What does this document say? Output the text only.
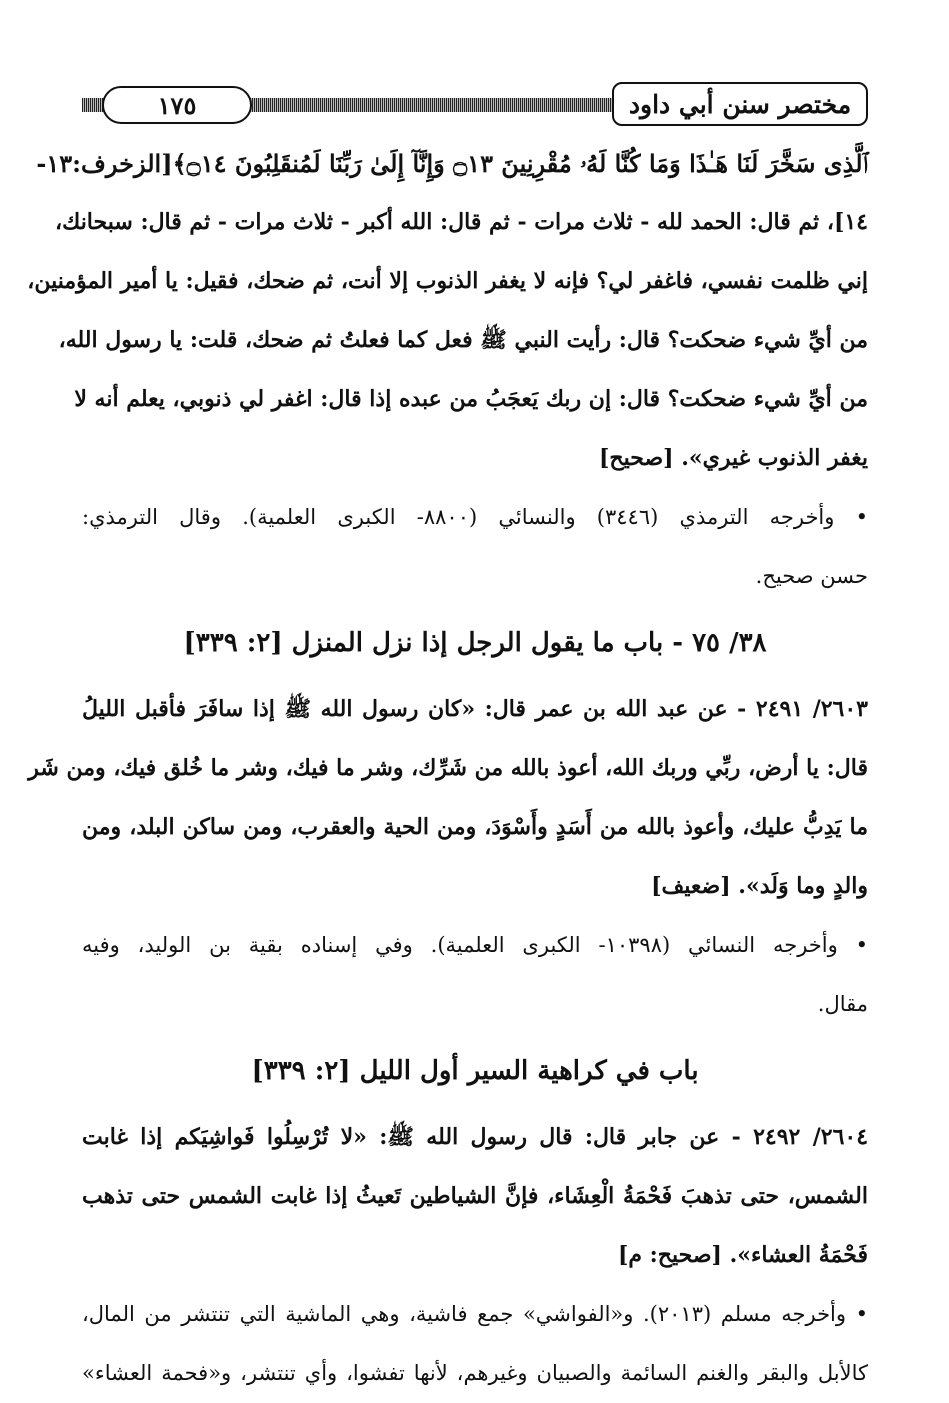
١٧٥	مختصر سنن أبي داود
ٱلَّذِى سَخَّرَ لَنَا هَـٰذَا وَمَا كُنَّا لَهُۥ مُقْرِنِينَ ۝١٣ وَإِنَّآ إِلَىٰ رَبِّنَا لَمُنقَلِبُونَ ۝١٤﴾[الزخرف:١٣-
١٤]، ثم قال: الحمد لله - ثلاث مرات - ثم قال: الله أكبر - ثلاث مرات - ثم قال: سبحانك،
إني ظلمت نفسي، فاغفر لي؟ فإنه لا يغفر الذنوب إلا أنت، ثم ضحك، فقيل: يا أمير المؤمنين،
من أيِّ شيء ضحكت؟ قال: رأيت النبي ﷺ فعل كما فعلتُ ثم ضحك، قلت: يا رسول الله،
من أيِّ شيء ضحكت؟ قال: إن ربك يَعجَبُ من عبده إذا قال: اغفر لي ذنوبي، يعلم أنه لا
يغفر الذنوب غيري». [صحيح]
• وأخرجه الترمذي (٣٤٤٦) والنسائي (٨٨٠٠- الكبرى العلمية). وقال الترمذي:
حسن صحيح.
٣٨/ ٧٥ - باب ما يقول الرجل إذا نزل المنزل [٢: ٣٣٩]
٢٦٠٣/ ٢٤٩١ - عن عبد الله بن عمر قال: «كان رسول الله ﷺ إذا سافَرَ فأقبل الليلُ
قال: يا أرض، ربِّي وربك الله، أعوذ بالله من شَرِّك، وشر ما فيك، وشر ما خُلق فيك، ومن شَر
ما يَدِبُّ عليك، وأعوذ بالله من أَسَدٍ وأَسْوَدَ، ومن الحية والعقرب، ومن ساكن البلد، ومن
والدٍ وما وَلَد». [ضعيف]
• وأخرجه النسائي (١٠٣٩٨- الكبرى العلمية). وفي إسناده بقية بن الوليد، وفيه
مقال.
باب في كراهية السير أول الليل [٢: ٣٣٩]
٢٦٠٤/ ٢٤٩٢ - عن جابر قال: قال رسول الله ﷺ: «لا تُرْسِلُوا فَواشِيَكم إذا غابت
الشمس، حتى تذهبَ فَحْمَةُ الْعِشَاء، فإنَّ الشياطين تَعيثُ إذا غابت الشمس حتى تذهب
فَحْمَةُ العشاء». [صحيح: م]
• وأخرجه مسلم (٢٠١٣). و«الفواشي» جمع فاشية، وهي الماشية التي تنتشر من المال،
كالأبل والبقر والغنم السائمة والصبيان وغيرهم، لأنها تفشوا، وأي تنتشر، و«فحمة العشاء»
